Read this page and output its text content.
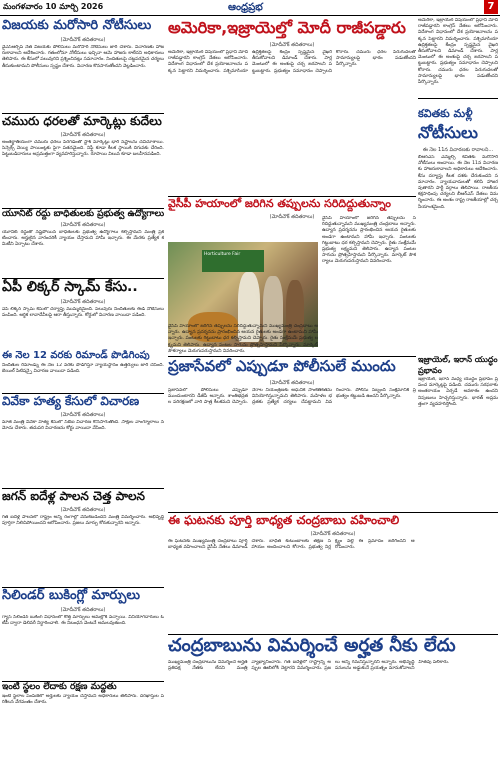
మంగళవారం 10 మార్చి 2026	ఆంధ్రప్రభ	7
విజయకు మరోసారి నోటీసులు
(మోదీచౌక్ తదితరాలు)
వైఎస్ఆర్సీపీ నేత విజయకు పోలీసులు మరోసారి నోటీసులు జారీ చేశారు. విచారణకు హాజరుకావాలని ఆదేశించారు. గతంలోనూ నోటీసులు ఇచ్చినా ఆమె హాజరు కాలేదని అధికారులు తెలిపారు. ఈ కేసులో పలువురిని ప్రశ్నించినట్లు సమాచారం. నిందితులపై చట్టపరమైన చర్యలు తీసుకుంటామని పోలీసులు స్పష్టం చేశారు. విచారణ కొనసాగుతోందని వెల్లడించారు.
చమురు ధరలతో మార్కెట్లు కుదేలు
(మోదీచౌక్ తదితరాలు)
అంతర్జాతీయంగా చమురు ధరలు పెరగడంతో స్టాక్ మార్కెట్లు భారీ నష్టాలను చవిచూశాయి. సెన్సెక్స్ వెయ్యి పాయింట్లకు పైగా పతనమైంది. నిఫ్టీ కూడా కీలక స్థాయికి దిగువకు చేరింది. పెట్టుబడిదారులు అప్రమత్తంగా వ్యవహరిస్తున్నారు. రూపాయి విలువ కూడా బలహీనపడింది.
యూనిట్ రద్దు బాధితులకు ప్రభుత్వ ఉద్యోగాలు
(మోదీచౌక్ తదితరాలు)
యూనిట్ రద్దుతో నష్టపోయిన బాధితులకు ప్రభుత్వ ఉద్యోగాలు కల్పిస్తామని మంత్రి ప్రకటించారు. అర్హులైన వారందరికీ న్యాయం చేస్తామని హామీ ఇచ్చారు. ఈ మేరకు ప్రత్యేక కమిటీని ఏర్పాటు చేశారు.
ఏపీ లిక్కర్ స్కామ్ కేసు..
(మోదీచౌక్ తదితరాలు)
ఏపీ లిక్కర్ స్కామ్ కేసులో దర్యాప్తు ముమ్మరమైంది. పలువురు నిందితులకు ఈడీ నోటీసులు పంపింది. ఆర్థిక లావాదేవీలపై ఆరా తీస్తున్నారు. కోర్టులో విచారణ వాయిదా పడింది.
ఈ నెల 12 వరకు రిమాండ్ పొడిగింపు
నిందితుల రిమాండ్ను ఈ నెల 12 వరకు పొడిగిస్తూ న్యాయస్థానం ఉత్తర్వులు జారీ చేసింది. బెయిల్ పిటిషన్పై విచారణ వాయిదా పడింది.
వివేకా హత్య కేసులో విచారణ
(మోదీచౌక్ తదితరాలు)
మాజీ మంత్రి వివేకా హత్య కేసులో సీబీఐ విచారణ కొనసాగుతోంది. సాక్షుల వాంగ్మూలాలు నమోదు చేశారు. తదుపరి విచారణను కోర్టు వాయిదా వేసింది.
జగన్ ఐదేళ్ల పాలన చెత్త పాలన
(మోదీచౌక్ తదితరాలు)
గత ఐదేళ్ల పాలనలో రాష్ట్రం అన్ని రంగాల్లో వెనుకబడిందని మంత్రి విమర్శించారు. అభివృద్ధి పూర్తిగా నిలిచిపోయిందని ఆరోపించారు. ప్రజలు మార్పు కోరుకున్నారని అన్నారు.
సిలిండర్ బుకింగ్లో మార్పులు
(మోదీచౌక్ తదితరాలు)
గ్యాస్ సిలిండర్ బుకింగ్ విధానంలో కొత్త మార్పులు అమల్లోకి వచ్చాయి. వినియోగదారులు ఓటీపీ ద్వారా డెలివరీ నిర్ధారించాలి. ఈ నిబంధన వెంటనే అమలవుతుంది.
ఇంటి స్థలం లేదాకు రక్షణ మద్దతు
ఇంటి స్థలాల పంపిణీలో అర్హులకు న్యాయం చేస్తామని అధికారులు తెలిపారు. దరఖాస్తుల పరిశీలన వేగవంతం చేశారు.
అమెరికా,ఇజ్రాయెల్తో మోదీ రాజీపడ్డారు
(మోదీచౌక్ తదితరాలు)
అమెరికా, ఇజ్రాయెల్ విషయంలో ప్రధాని మోదీ రాజీపడ్డారని కాంగ్రెస్ నేతలు ఆరోపించారు. విదేశాంగ విధానంలో దేశ ప్రయోజనాలను పక్కన పెట్టారని విమర్శించారు. పశ్చిమాసియా ఉద్రిక్తతలపై కేంద్రం స్పష్టమైన వైఖరి తీసుకోవాలని డిమాండ్ చేశారు. పార్లమెంటులో ఈ అంశంపై చర్చ జరపాలని పట్టుబట్టారు. ప్రభుత్వం సమాధానం చెప్పాలని కోరారు. చమురు ధరల పెరుగుదలతో సామాన్యులపై భారం పడుతోందని పేర్కొన్నారు.
అమెరికా, ఇజ్రాయెల్ విషయంలో ప్రధాని మోదీ రాజీపడ్డారని కాంగ్రెస్ నేతలు ఆరోపించారు. విదేశాంగ విధానంలో దేశ ప్రయోజనాలను పక్కన పెట్టారని విమర్శించారు. పశ్చిమాసియా ఉద్రిక్తతలపై కేంద్రం స్పష్టమైన వైఖరి తీసుకోవాలని డిమాండ్ చేశారు. పార్లమెంటులో ఈ అంశంపై చర్చ జరపాలని పట్టుబట్టారు. ప్రభుత్వం సమాధానం చెప్పాలని కోరారు. చమురు ధరల పెరుగుదలతో సామాన్యులపై భారం పడుతోందని పేర్కొన్నారు.
కవితకు మళ్లీ
నోటీసులు
ఈ నెల 11న విచారణకు రావాలని...
బీఆర్ఎస్ ఎమ్మెల్సీ కవితకు మరోసారి నోటీసులు అందాయి. ఈ నెల 11న విచారణకు హాజరుకావాలని అధికారులు ఆదేశించారు. కేసు దర్యాప్తు కీలక దశకు చేరుకుందని సమాచారం. న్యాయవాదులతో కలిసి హాజరవుతారని పార్టీ వర్గాలు తెలిపాయి. రాజకీయ కక్షసాధింపు చర్యలని బీఆర్ఎస్ నేతలు విమర్శించారు. ఈ అంశం రాష్ట్ర రాజకీయాల్లో చర్చనీయాంశమైంది.
ఇజ్రాయెల్, ఇరాన్ యుద్ధం ప్రభావం
ఇజ్రాయెల్, ఇరాన్ మధ్య యుద్ధం ప్రభావం ప్రపంచ మార్కెట్లపై పడింది. చమురు సరఫరాకు అంతరాయం ఏర్పడే అవకాశం ఉందని నిపుణులు హెచ్చరిస్తున్నారు. భారత్ అప్రమత్తంగా వ్యవహరిస్తోంది.
వైసీపీ హయాంలో జరిగిన తప్పులను సరిదిద్దుతున్నాం
(మోదీచౌక్ తదితరాలు)
Horticulture Fair
వైసీపీ హయాంలో జరిగిన తప్పులను సరిదిద్దుతున్నామని ముఖ్యమంత్రి చంద్రబాబు అన్నారు. ఉద్యాన ప్రదర్శనను ప్రారంభించిన ఆయన రైతులకు అండగా ఉంటామని హామీ ఇచ్చారు. పంటలకు గిట్టుబాటు ధర కల్పిస్తామని చెప్పారు. రైతు సంక్షేమమే ప్రభుత్వ లక్ష్యమని తెలిపారు. ఉద్యాన పంటల సాగును ప్రోత్సహిస్తామని పేర్కొన్నారు. మార్కెట్ సౌకర్యాలు మెరుగుపరుస్తామని వివరించారు.
వైసీపీ హయాంలో జరిగిన తప్పులను సరిదిద్దుతున్నామని ముఖ్యమంత్రి చంద్రబాబు అన్నారు. ఉద్యాన ప్రదర్శనను ప్రారంభించిన ఆయన రైతులకు అండగా ఉంటామని హామీ ఇచ్చారు. పంటలకు గిట్టుబాటు ధర కల్పిస్తామని చెప్పారు. రైతు సంక్షేమమే ప్రభుత్వ లక్ష్యమని తెలిపారు. ఉద్యాన పంటల సాగును ప్రోత్సహిస్తామని పేర్కొన్నారు. మార్కెట్ సౌకర్యాలు మెరుగుపరుస్తామని వివరించారు.
ప్రజాసేవలో ఎప్పుడూ పోలీసులే ముందు
(మోదీచౌక్ తదితరాలు)
ప్రజాసేవలో పోలీసులు ఎప్పుడూ ముందుంటారని డీజీపీ అన్నారు. శాంతిభద్రతల పరిరక్షణలో వారి పాత్ర కీలకమని చెప్పారు. నేరాల నియంత్రణకు ఆధునిక సాంకేతికతను వినియోగిస్తున్నామని తెలిపారు. మహిళల భద్రతకు ప్రత్యేక చర్యలు చేపట్టామని వివరించారు. పోలీసు సిబ్బంది సంక్షేమానికి ప్రభుత్వం కట్టుబడి ఉందని పేర్కొన్నారు.
ఈ ఘటనకు పూర్తి బాధ్యత చంద్రబాబు వహించాలి
(మోదీచౌక్ తదితరాలు)
ఈ ఘటనకు ముఖ్యమంత్రి చంద్రబాబు పూర్తి బాధ్యత వహించాలని వైసీపీ నేతలు డిమాండ్ చేశారు. బాధిత కుటుంబాలకు తక్షణ సహాయం అందించాలని కోరారు. ప్రభుత్వ నిర్లక్ష్యం వల్లే ఈ ప్రమాదం జరిగిందని ఆరోపించారు.
చంద్రబాబును విమర్శించే అర్హత నీకు లేదు
ముఖ్యమంత్రి చంద్రబాబును విమర్శించే అర్హత ప్రతిపక్ష నేతకు లేదని మంత్రి వ్యాఖ్యానించారు. గత ఐదేళ్లలో రాష్ట్రాన్ని అప్పుల ఊబిలోకి నెట్టారని విమర్శించారు. ప్రజలు అన్నీ గమనిస్తున్నారని అన్నారు. అభివృద్ధి పనులను అడ్డుకునే ప్రయత్నం మానుకోవాలని హితవు పలికారు.
